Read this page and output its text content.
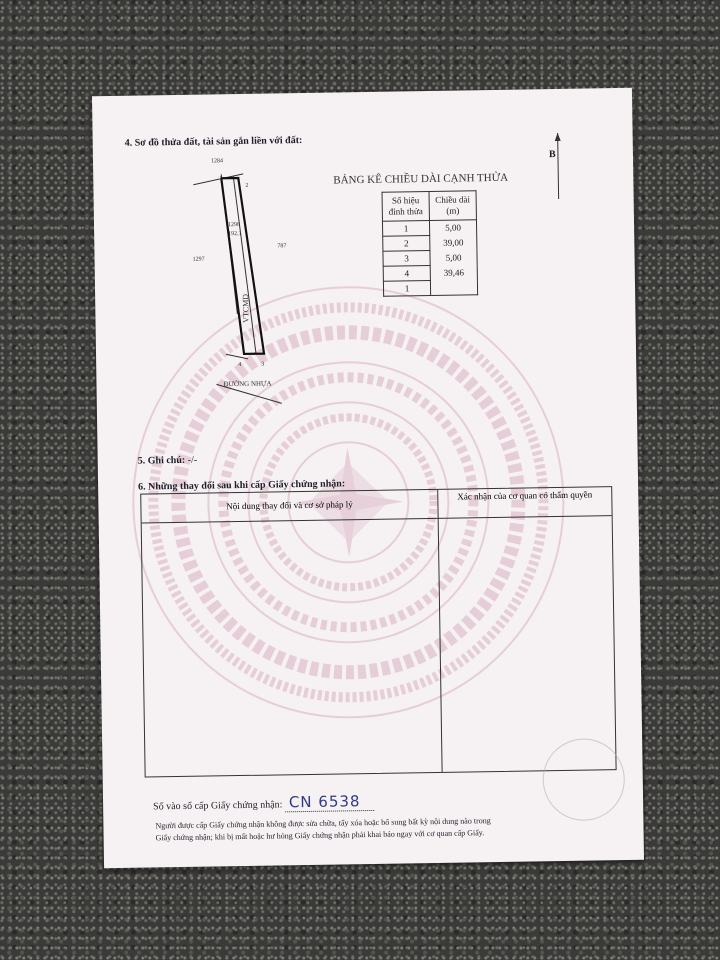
4. Sơ đồ thửa đất, tài sản gắn liền với đất:
B
1284
1298
192,1
1297
787
VTCMD
ĐƯỜNG NHỰA
1
2
3
4
BẢNG KÊ CHIỀU DÀI CẠNH THỬA
Số hiệu đỉnh thửa	Chiều dài (m)
1	5,00
2	39,00
3	5,00
4	39,46
1	
5. Ghi chú: -/-
6. Những thay đổi sau khi cấp Giấy chứng nhận:
Nội dung thay đổi và cơ sở pháp lý
Xác nhận của cơ quan có thẩm quyền
Số vào sổ cấp Giấy chứng nhận: CN 6538
Người được cấp Giấy chứng nhận không được sửa chữa, tẩy xóa hoặc bổ sung bất kỳ nội dung nào trong
Giấy chứng nhận; khi bị mất hoặc hư hỏng Giấy chứng nhận phải khai báo ngay với cơ quan cấp Giấy.
